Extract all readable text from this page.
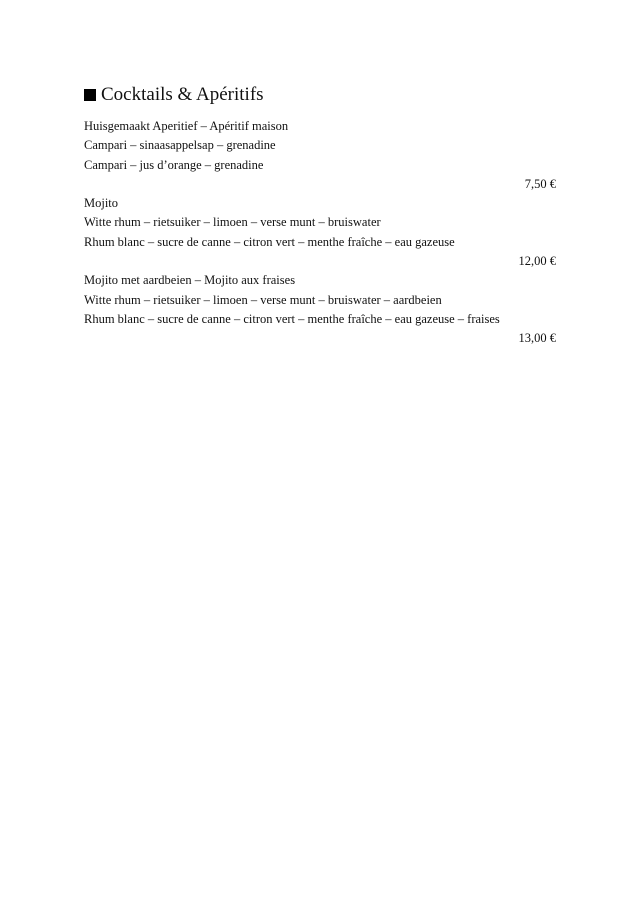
Cocktails & Apéritifs
Huisgemaakt Aperitief – Apéritif maison
Campari – sinaasappelsap – grenadine
Campari – jus d’orange – grenadine
7,50 €
Mojito
Witte rhum – rietsuiker – limoen – verse munt – bruiswater
Rhum blanc – sucre de canne – citron vert – menthe fraîche – eau gazeuse
12,00 €
Mojito met aardbeien – Mojito aux fraises
Witte rhum – rietsuiker – limoen – verse munt – bruiswater – aardbeien
Rhum blanc – sucre de canne – citron vert – menthe fraîche – eau gazeuse – fraises
13,00 €
